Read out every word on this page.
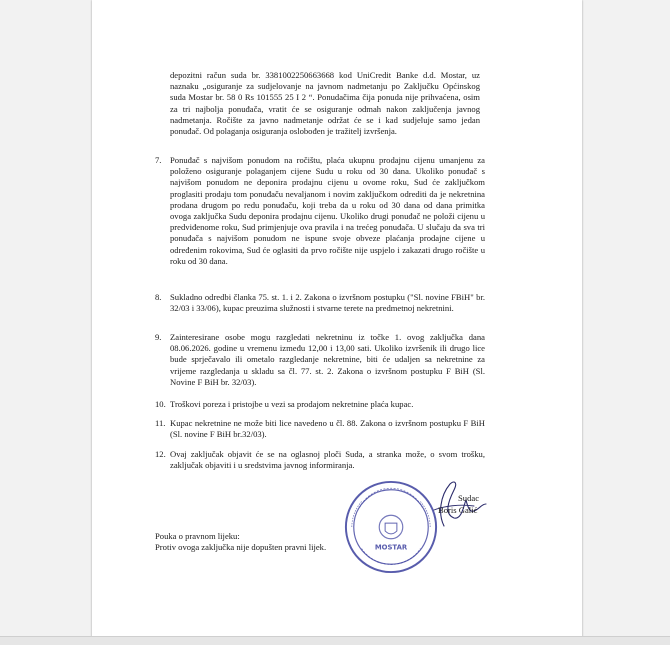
depozitni račun suda br. 3381002250663668 kod UniCredit Banke d.d. Mostar, uz naznaku „osiguranje za sudjelovanje na javnom nadmetanju po Zaključku Općinskog suda Mostar br. 58 0 Rs 101555 25 I 2 “. Ponudačima čija ponuda nije prihvaćena, osim za tri najbolja ponuđača, vratit će se osiguranje odmah nakon zaključenja javnog nadmetanja. Ročište za javno nadmetanje održat će se i kad sudjeluje samo jedan ponuđač. Od polaganja osiguranja oslobođen je tražitelj izvršenja.
7. Ponuđač s najvišom ponudom na ročištu, plaća ukupnu prodajnu cijenu umanjenu za položeno osiguranje polaganjem cijene Sudu u roku od 30 dana. Ukoliko ponuđač s najvišom ponudom ne deponira prodajnu cijenu u ovome roku, Sud će zaključkom proglasiti prodaju tom ponuđaču nevaljanom i novim zaključkom odrediti da je nekretnina prodana drugom po redu ponuđaču, koji treba da u roku od 30 dana od dana primitka ovoga zaključka Sudu deponira prodajnu cijenu. Ukoliko drugi ponuđač ne položi cijenu u predviđenome roku, Sud primjenjuje ova pravila i na trećeg ponuđača. U slučaju da sva tri ponuđača s najvišom ponudom ne ispune svoje obveze plaćanja prodajne cijene u određenim rokovima, Sud će oglasiti da prvo ročište nije uspjelo i zakazati drugo ročište u roku od 30 dana.
8. Sukladno odredbi članka 75. st. 1. i 2. Zakona o izvršnom postupku ("Sl. novine FBiH" br. 32/03 i 33/06), kupac preuzima služnosti i stvarne terete na predmetnoj nekretnini.
9. Zainteresirane osobe mogu razgledati nekretninu iz točke 1. ovog zaključka dana 08.06.2026. godine u vremenu između 12,00 i 13,00 sati. Ukoliko izvršenik ili drugo lice bude sprječavalo ili ometalo razgledanje nekretnine, biti će udaljen sa nekretnine za vrijeme razgledanja u skladu sa čl. 77. st. 2. Zakona o izvršnom postupku F BiH (Sl. Novine F BiH br. 32/03).
10. Troškovi poreza i pristojbe u vezi sa prodajom nekretnine plaća kupac.
11. Kupac nekretnine ne može biti lice navedeno u čl. 88. Zakona o izvršnom postupku F BiH (Sl. novine F BiH br.32/03).
12. Ovaj zaključak objavit će se na oglasnoj ploči Suda, a stranka može, o svom trošku, zaključak objaviti i u sredstvima javnog informiranja.
MOSTAR
Sudac
Boris Galić
Pouka o pravnom lijeku:
Protiv ovoga zaključka nije dopušten pravni lijek.
